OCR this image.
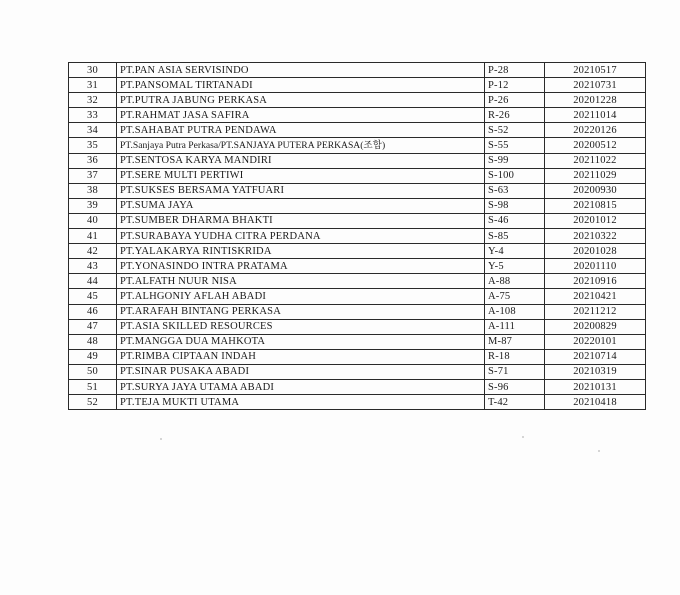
30	PT.PAN ASIA SERVISINDO	P-28	20210517
31	PT.PANSOMAL TIRTANADI	P-12	20210731
32	PT.PUTRA JABUNG PERKASA	P-26	20201228
33	PT.RAHMAT JASA SAFIRA	R-26	20211014
34	PT.SAHABAT PUTRA PENDAWA	S-52	20220126
35	PT.Sanjaya Putra Perkasa/PT.SANJAYA PUTERA PERKASA(조합)	S-55	20200512
36	PT.SENTOSA KARYA MANDIRI	S-99	20211022
37	PT.SERE MULTI PERTIWI	S-100	20211029
38	PT.SUKSES BERSAMA YATFUARI	S-63	20200930
39	PT.SUMA JAYA	S-98	20210815
40	PT.SUMBER DHARMA BHAKTI	S-46	20201012
41	PT.SURABAYA YUDHA CITRA PERDANA	S-85	20210322
42	PT.YALAKARYA RINTISKRIDA	Y-4	20201028
43	PT.YONASINDO INTRA PRATAMA	Y-5	20201110
44	PT.ALFATH NUUR NISA	A-88	20210916
45	PT.ALHGONIY AFLAH ABADI	A-75	20210421
46	PT.ARAFAH BINTANG PERKASA	A-108	20211212
47	PT.ASIA SKILLED RESOURCES	A-111	20200829
48	PT.MANGGA DUA MAHKOTA	M-87	20220101
49	PT.RIMBA CIPTAAN INDAH	R-18	20210714
50	PT.SINAR PUSAKA ABADI	S-71	20210319
51	PT.SURYA JAYA UTAMA ABADI	S-96	20210131
52	PT.TEJA MUKTI UTAMA	T-42	20210418
